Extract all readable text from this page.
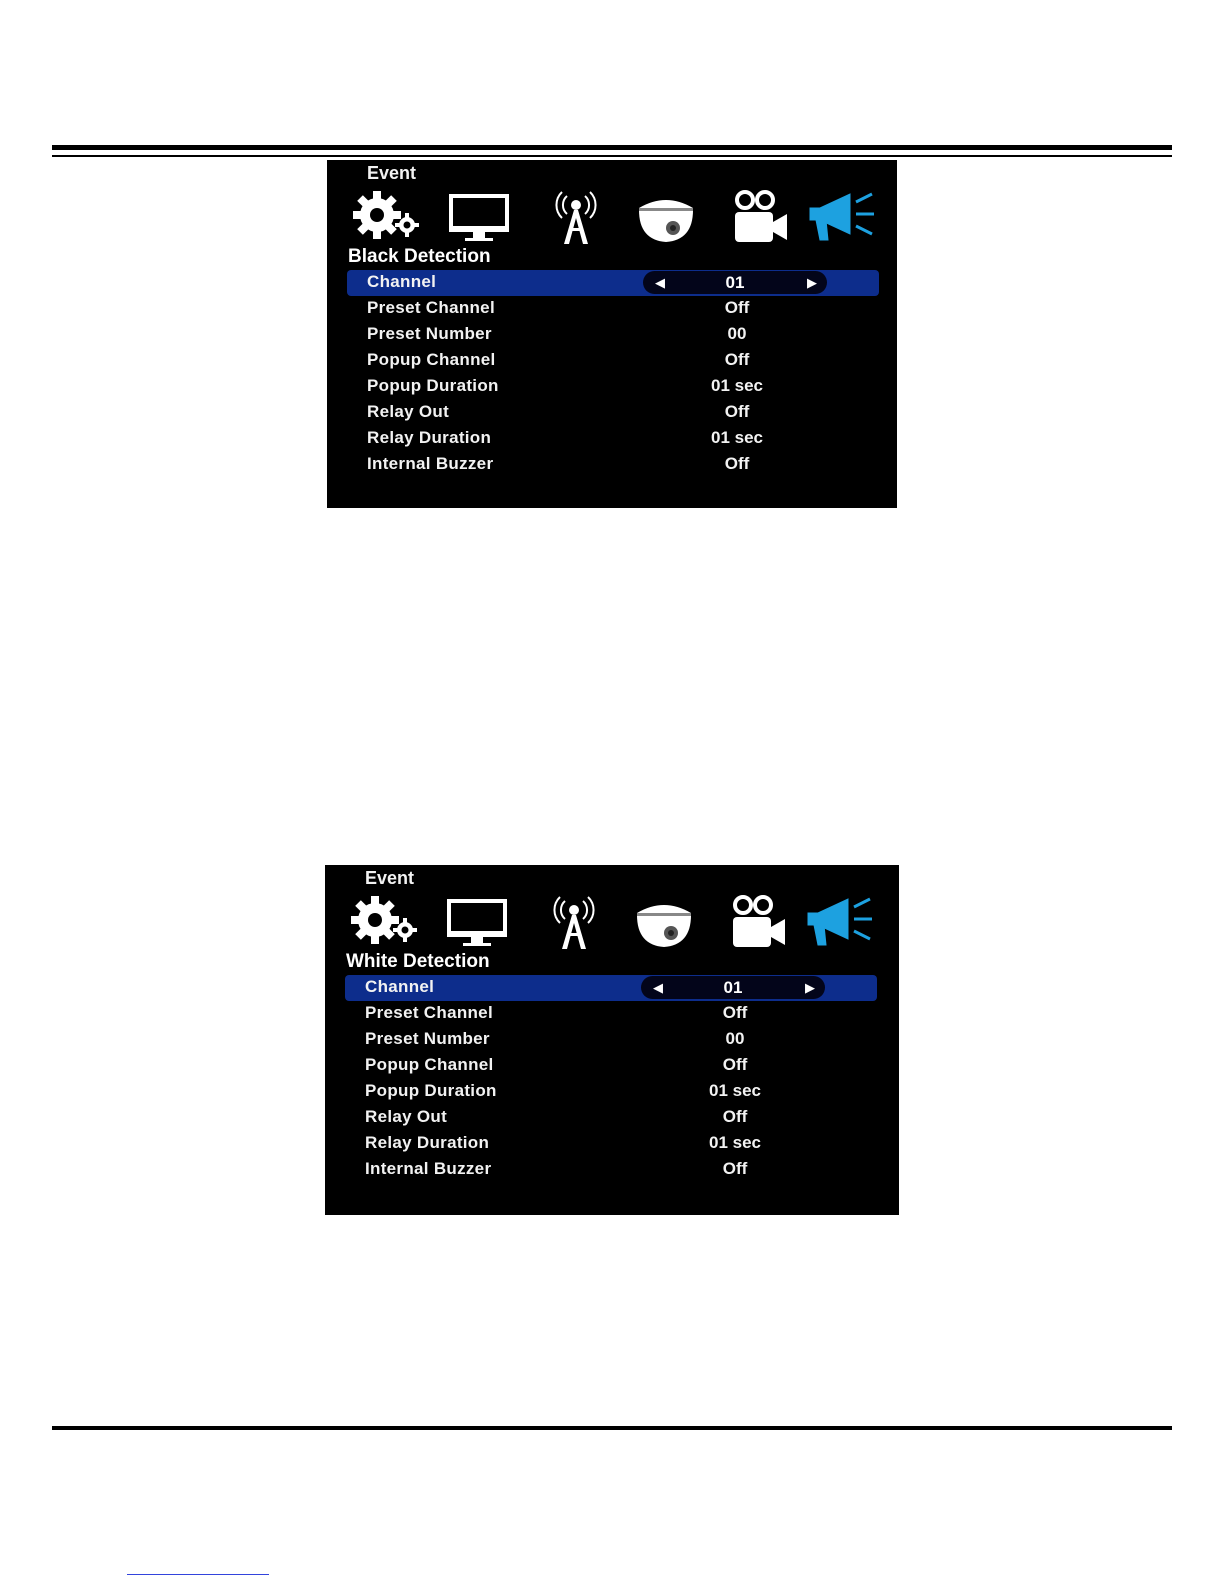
Event
Black Detection
Channel	◀	01	▶
Preset Channel	Off
Preset Number	00
Popup Channel	Off
Popup Duration	01 sec
Relay Out	Off
Relay Duration	01 sec
Internal Buzzer	Off
Event
White Detection
Channel	◀	01	▶
Preset Channel	Off
Preset Number	00
Popup Channel	Off
Popup Duration	01 sec
Relay Out	Off
Relay Duration	01 sec
Internal Buzzer	Off
